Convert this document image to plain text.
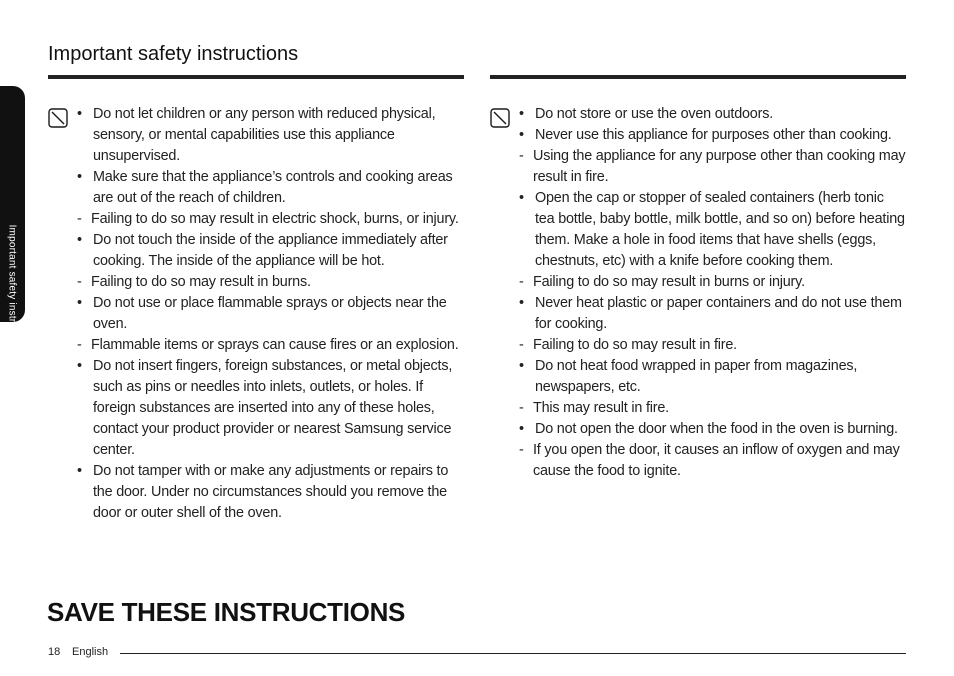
Important safety instructions
Important safety instructions
• Do not let children or any person with reduced physical, sensory, or mental capabilities use this appliance unsupervised.
• Make sure that the appliance’s controls and cooking areas are out of the reach of children.
- Failing to do so may result in electric shock, burns, or injury.
• Do not touch the inside of the appliance immediately after cooking. The inside of the appliance will be hot.
- Failing to do so may result in burns.
• Do not use or place flammable sprays or objects near the oven.
- Flammable items or sprays can cause fires or an explosion.
• Do not insert fingers, foreign substances, or metal objects, such as pins or needles into inlets, outlets, or holes. If foreign substances are inserted into any of these holes, contact your product provider or nearest Samsung service center.
• Do not tamper with or make any adjustments or repairs to the door. Under no circumstances should you remove the door or outer shell of the oven.
• Do not store or use the oven outdoors.
• Never use this appliance for purposes other than cooking.
- Using the appliance for any purpose other than cooking may result in fire.
• Open the cap or stopper of sealed containers (herb tonic tea bottle, baby bottle, milk bottle, and so on) before heating them. Make a hole in food items that have shells (eggs, chestnuts, etc) with a knife before cooking them.
- Failing to do so may result in burns or injury.
• Never heat plastic or paper containers and do not use them for cooking.
- Failing to do so may result in fire.
• Do not heat food wrapped in paper from magazines, newspapers, etc.
- This may result in fire.
• Do not open the door when the food in the oven is burning.
- If you open the door, it causes an inflow of oxygen and may cause the food to ignite.
SAVE THESE INSTRUCTIONS
18 English
